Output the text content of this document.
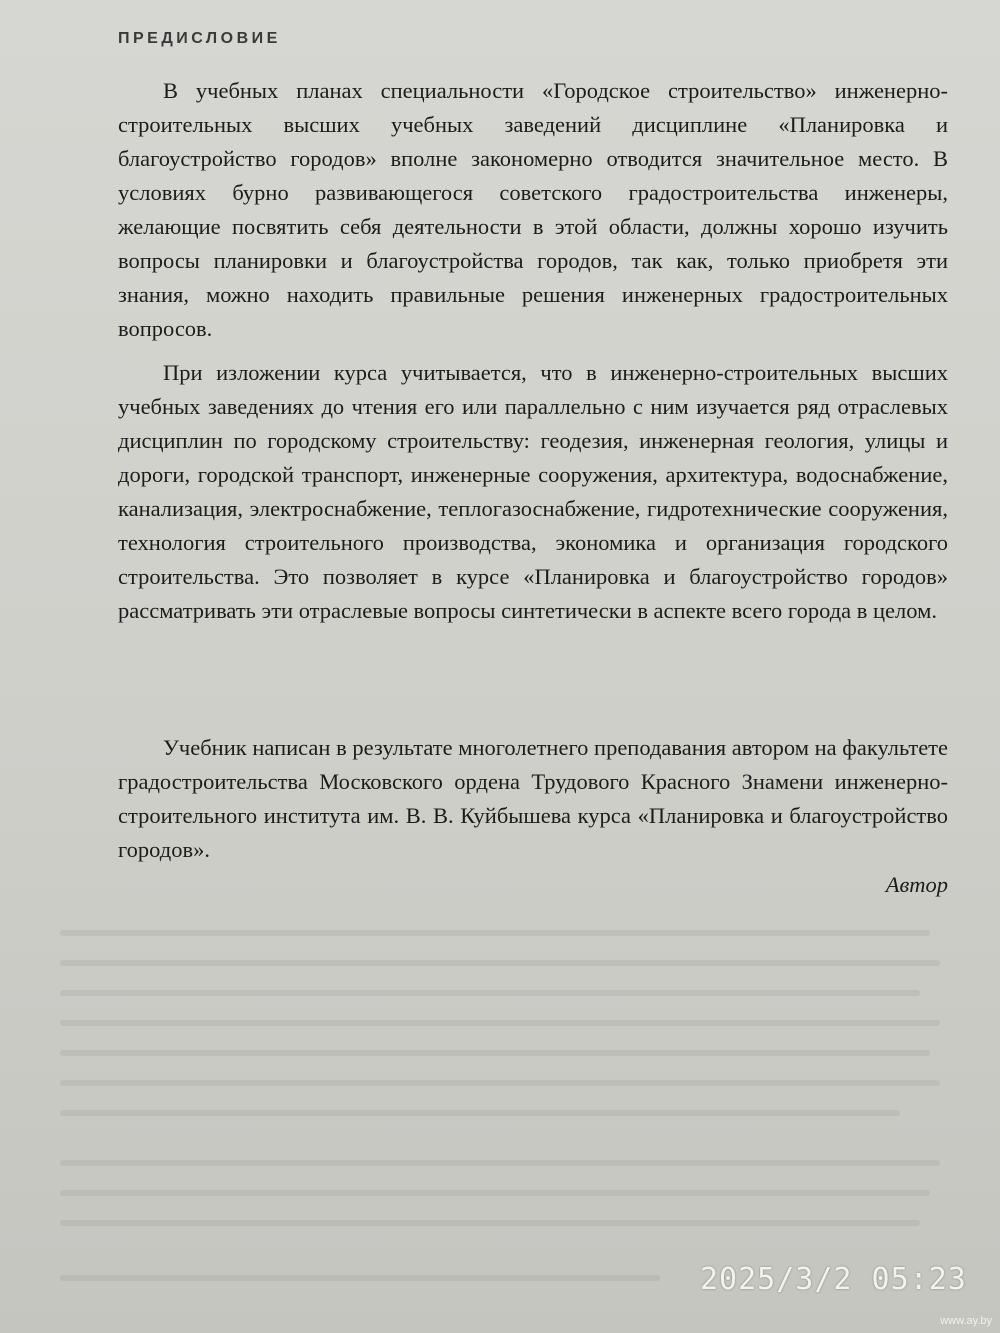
ПРЕДИСЛОВИЕ

В учебных планах специальности «Городское строительство» инженерно-строительных высших учебных заведений дисциплине «Планировка и благоустройство городов» вполне закономерно отводится значительное место. В условиях бурно развивающегося советского градостроительства инженеры, желающие посвятить себя деятельности в этой области, должны хорошо изучить вопросы планировки и благоустройства городов, так как, только приобретя эти знания, можно находить правильные решения инженерных градостроительных вопросов.

При изложении курса учитывается, что в инженерно-строительных высших учебных заведениях до чтения его или параллельно с ним изучается ряд отраслевых дисциплин по городскому строительству: геодезия, инженерная геология, улицы и дороги, городской транспорт, инженерные сооружения, архитектура, водоснабжение, канализация, электроснабжение, теплогазоснабжение, гидротехнические сооружения, технология строительного производства, экономика и организация городского строительства. Это позволяет в курсе «Планировка и благоустройство городов» рассматривать эти отраслевые вопросы синтетически в аспекте всего города в целом.

Учебник написан в результате многолетнего преподавания автором на факультете градостроительства Московского ордена Трудового Красного Знамени инженерно-строительного института им. В. В. Куйбышева курса «Планировка и благоустройство городов».

Автор
2025/3/2 05:23
www.ay.by
